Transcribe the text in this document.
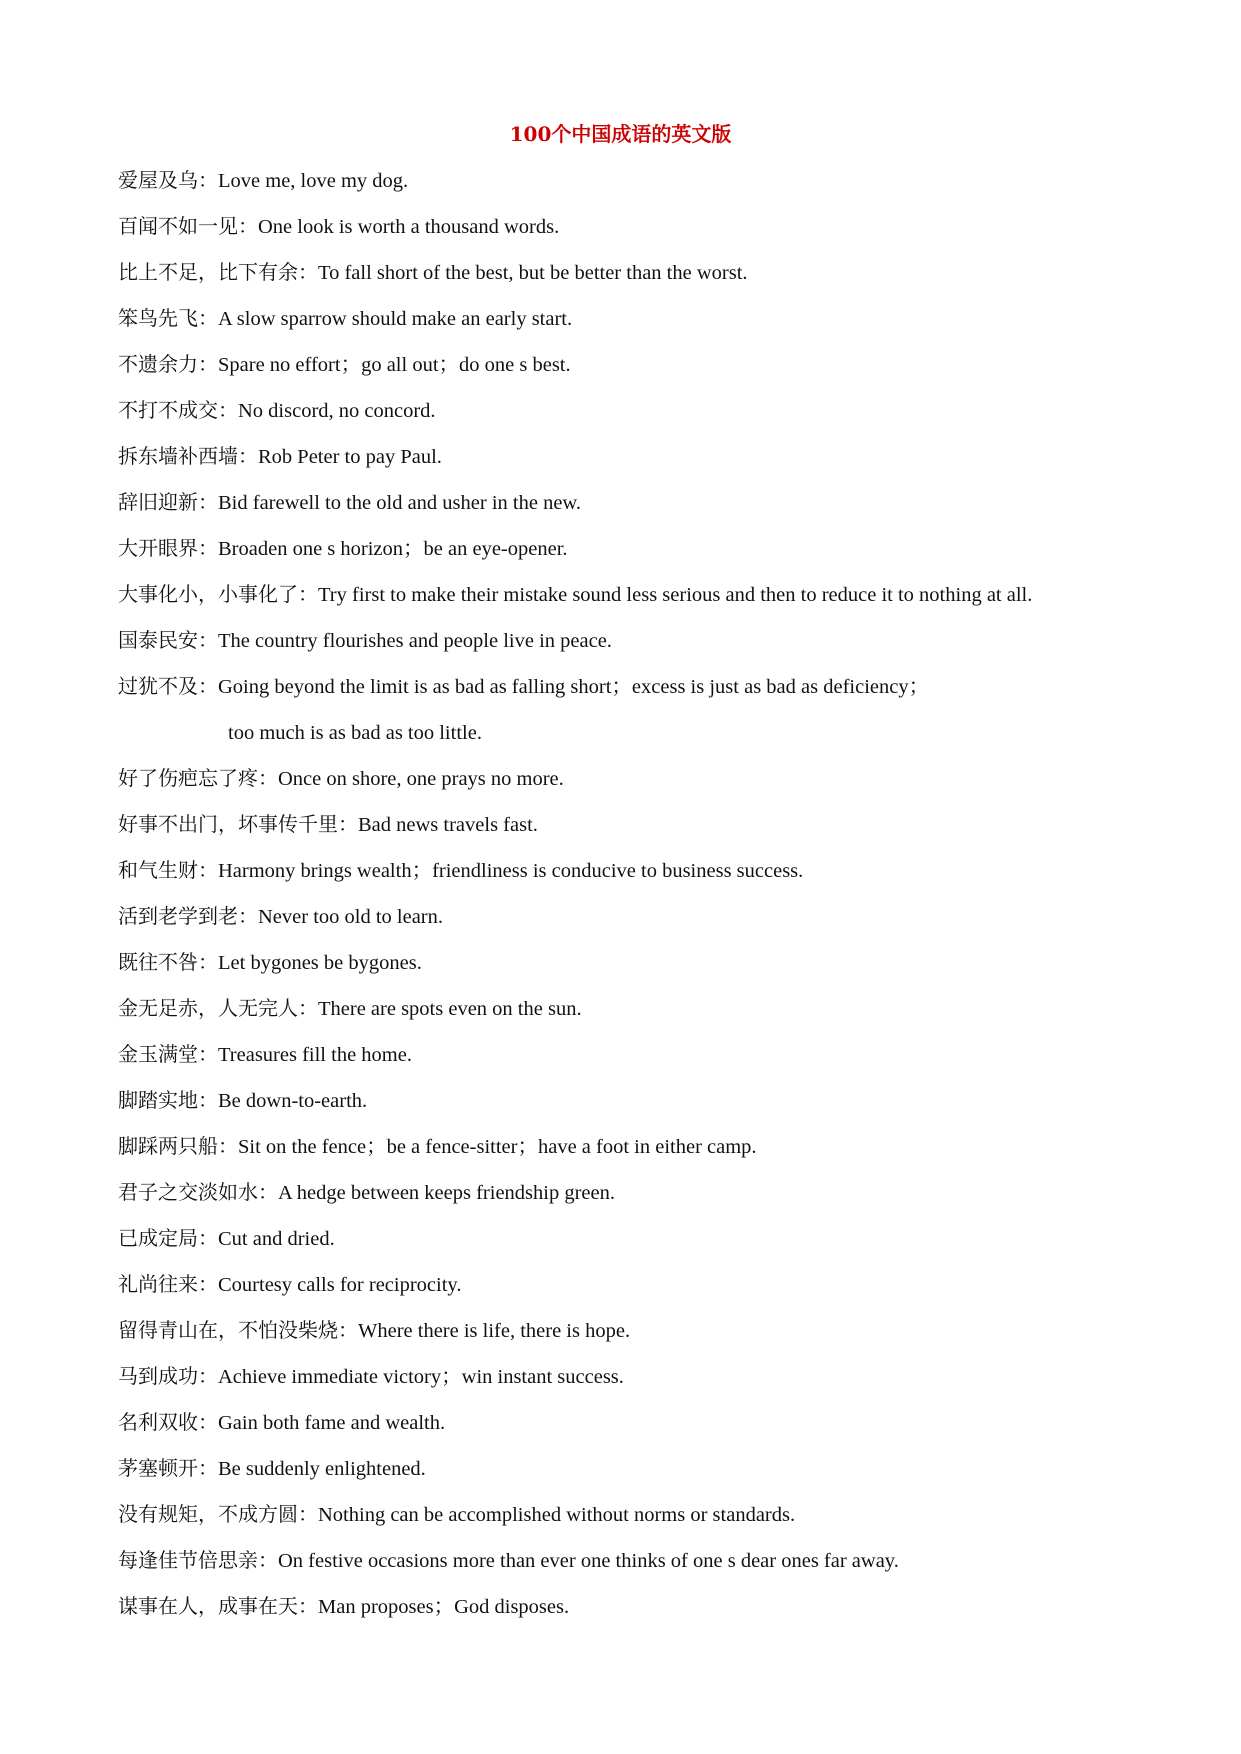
100个中国成语的英文版
爱屋及乌：Love me, love my dog.
百闻不如一见：One look is worth a thousand words.
比上不足，比下有余：To fall short of the best, but be better than the worst.
笨鸟先飞：A slow sparrow should make an early start.
不遗余力：Spare no effort；go all out；do one s best.
不打不成交：No discord, no concord.
拆东墙补西墙：Rob Peter to pay Paul.
辞旧迎新：Bid farewell to the old and usher in the new.
大开眼界：Broaden one s horizon；be an eye-opener.
大事化小，小事化了：Try first to make their mistake sound less serious and then to reduce it to nothing at all.
国泰民安：The country flourishes and people live in peace.
过犹不及：Going beyond the limit is as bad as falling short；excess is just as bad as deficiency；
too much is as bad as too little.
好了伤疤忘了疼：Once on shore, one prays no more.
好事不出门，坏事传千里：Bad news travels fast.
和气生财：Harmony brings wealth；friendliness is conducive to business success.
活到老学到老：Never too old to learn.
既往不咎：Let bygones be bygones.
金无足赤，人无完人：There are spots even on the sun.
金玉满堂：Treasures fill the home.
脚踏实地：Be down-to-earth.
脚踩两只船：Sit on the fence；be a fence-sitter；have a foot in either camp.
君子之交淡如水：A hedge between keeps friendship green.
已成定局：Cut and dried.
礼尚往来：Courtesy calls for reciprocity.
留得青山在，不怕没柴烧：Where there is life, there is hope.
马到成功：Achieve immediate victory；win instant success.
名利双收：Gain both fame and wealth.
茅塞顿开：Be suddenly enlightened.
没有规矩，不成方圆：Nothing can be accomplished without norms or standards.
每逢佳节倍思亲：On festive occasions more than ever one thinks of one s dear ones far away.
谋事在人，成事在天：Man proposes；God disposes.
